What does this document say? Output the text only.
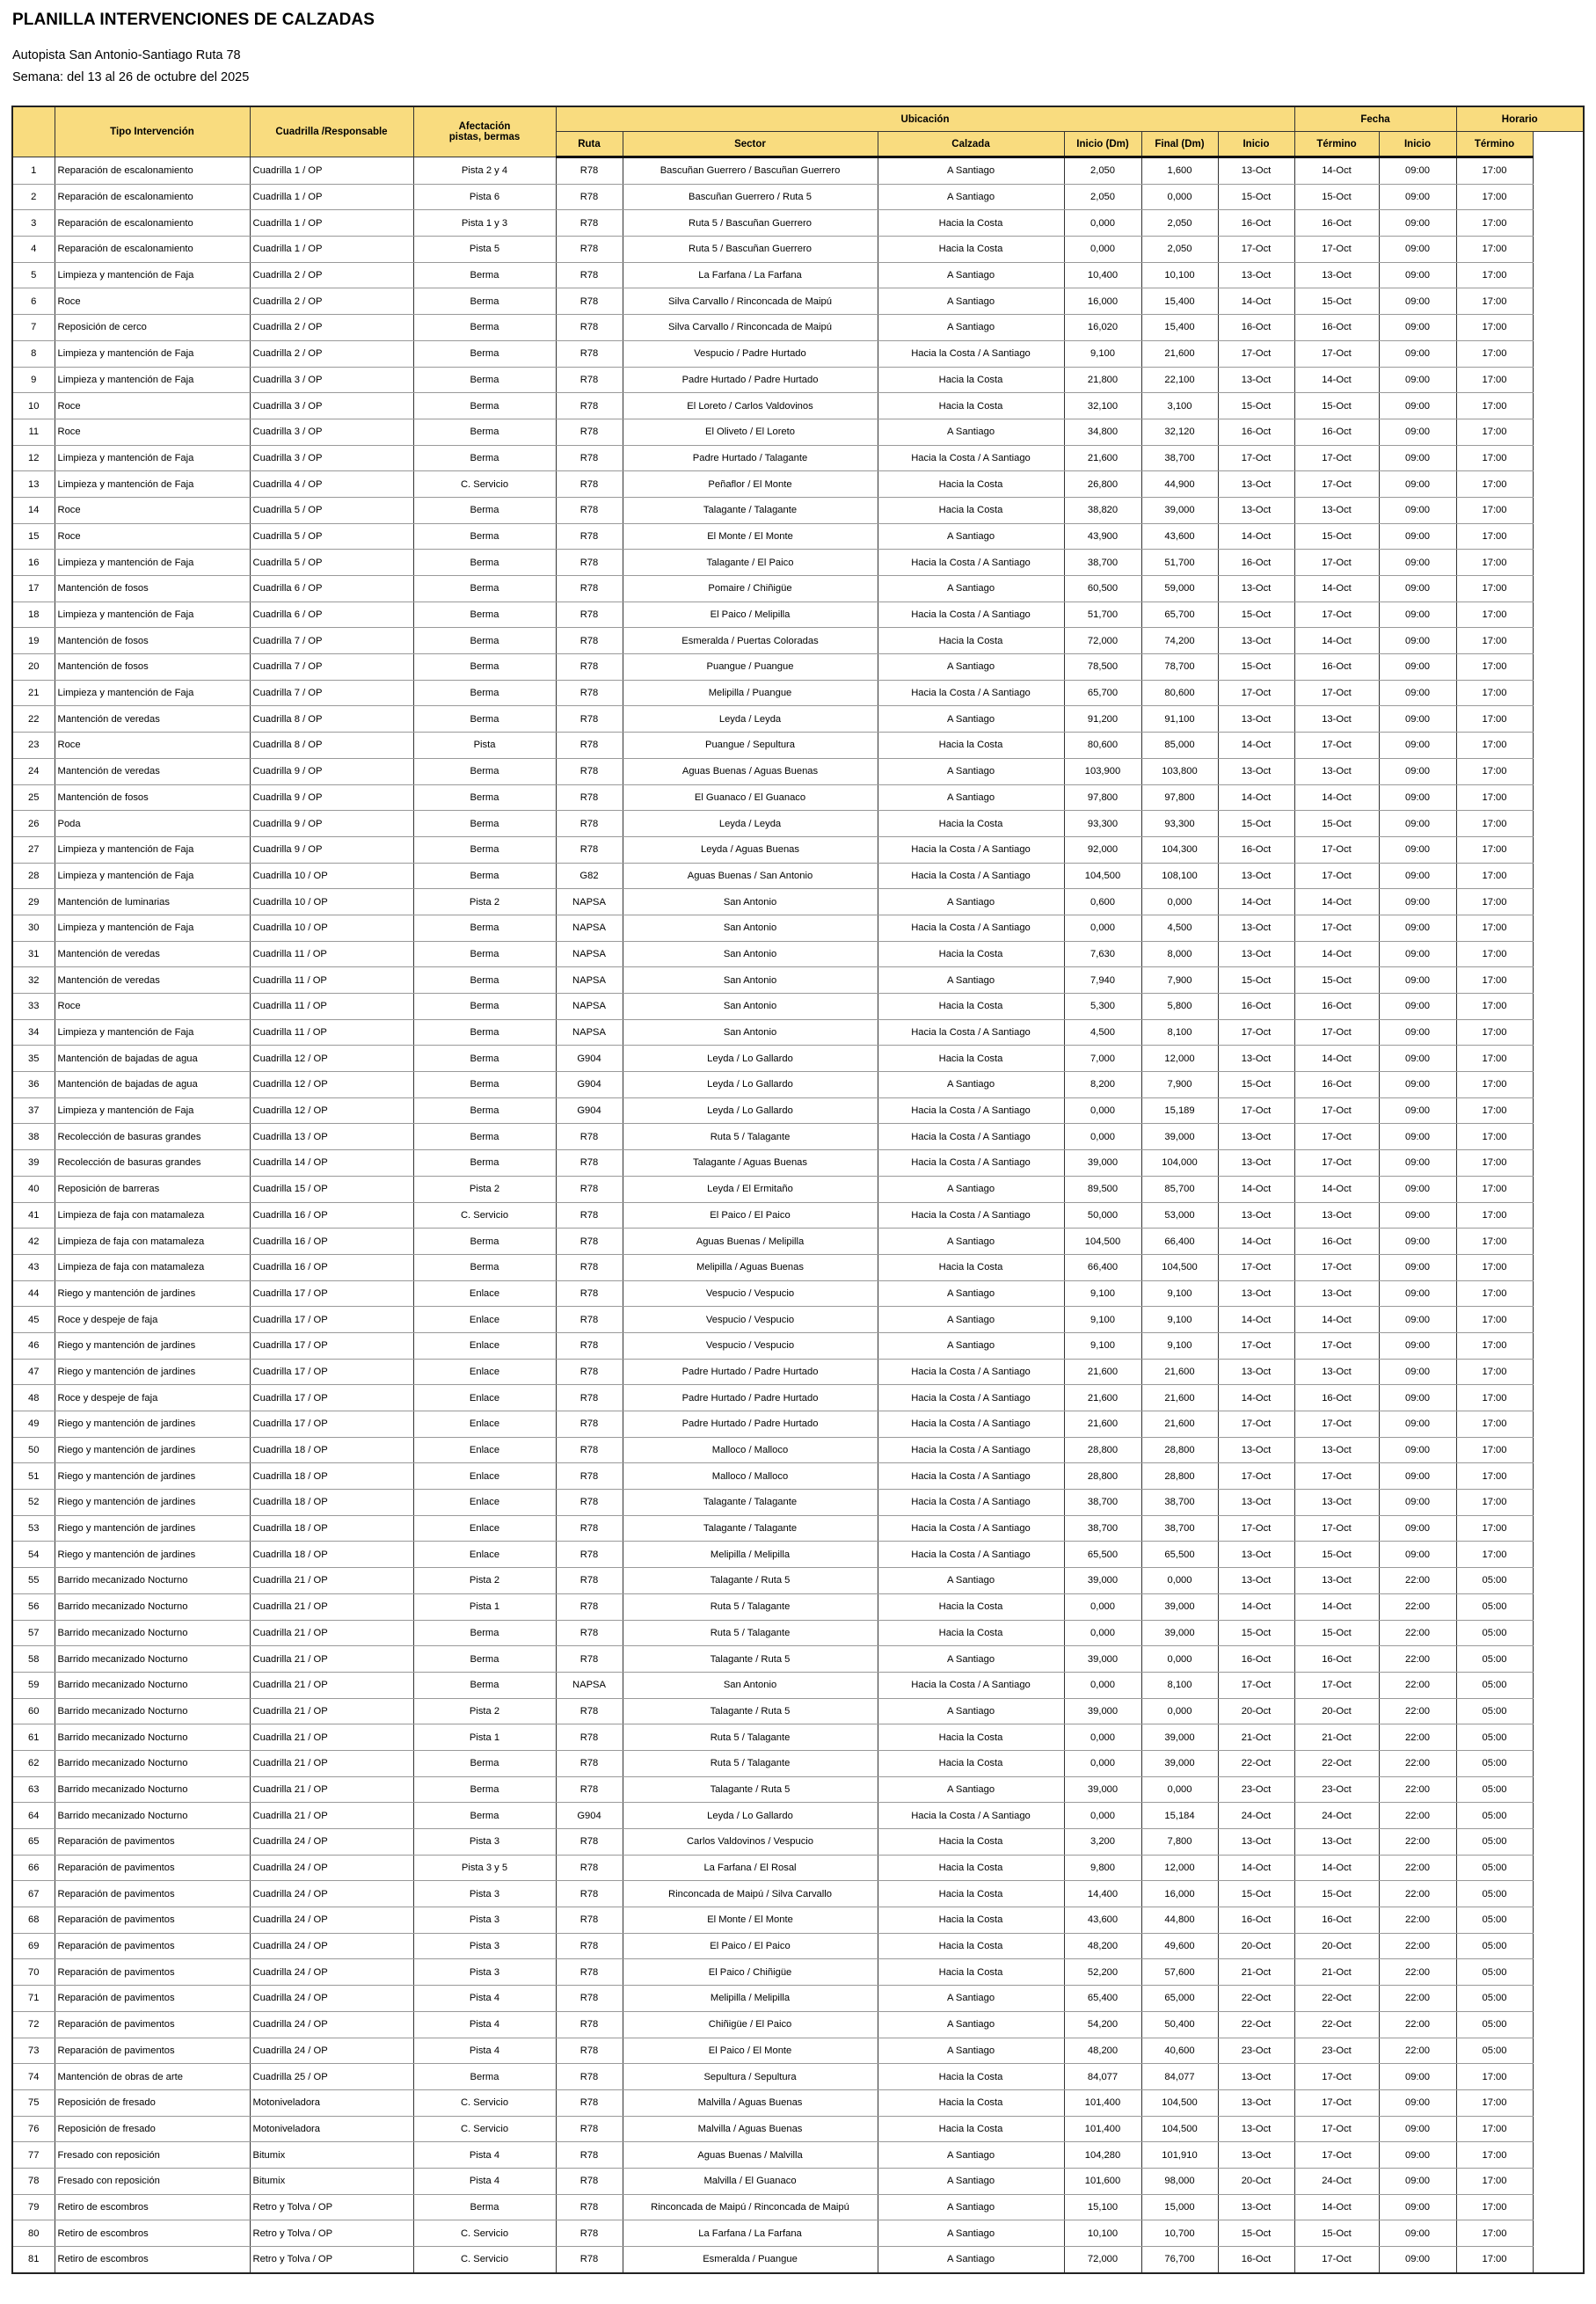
PLANILLA INTERVENCIONES DE CALZADAS
Autopista San Antonio-Santiago Ruta 78
Semana: del 13 al 26 de octubre del 2025
	Tipo Intervención	Cuadrilla /Responsable	Afectación
pistas, bermas	Ubicación						Fecha		Horario
				Ruta	Sector	Calzada	Inicio (Dm)	Final (Dm)	Inicio	Término	Inicio	Término
1	Reparación de escalonamiento	Cuadrilla 1 / OP	Pista 2 y 4	R78	Bascuñan Guerrero / Bascuñan Guerrero	A Santiago	2,050	1,600	13-Oct	14-Oct	09:00	17:00
2	Reparación de escalonamiento	Cuadrilla 1 / OP	Pista 6	R78	Bascuñan Guerrero / Ruta 5	A Santiago	2,050	0,000	15-Oct	15-Oct	09:00	17:00
3	Reparación de escalonamiento	Cuadrilla 1 / OP	Pista 1 y 3	R78	Ruta 5 / Bascuñan Guerrero	Hacia la Costa	0,000	2,050	16-Oct	16-Oct	09:00	17:00
4	Reparación de escalonamiento	Cuadrilla 1 / OP	Pista 5	R78	Ruta 5 / Bascuñan Guerrero	Hacia la Costa	0,000	2,050	17-Oct	17-Oct	09:00	17:00
5	Limpieza y mantención de Faja	Cuadrilla 2 / OP	Berma	R78	La Farfana / La Farfana	A Santiago	10,400	10,100	13-Oct	13-Oct	09:00	17:00
6	Roce	Cuadrilla 2 / OP	Berma	R78	Silva Carvallo / Rinconcada de Maipú	A Santiago	16,000	15,400	14-Oct	15-Oct	09:00	17:00
7	Reposición de cerco	Cuadrilla 2 / OP	Berma	R78	Silva Carvallo / Rinconcada de Maipú	A Santiago	16,020	15,400	16-Oct	16-Oct	09:00	17:00
8	Limpieza y mantención de Faja	Cuadrilla 2 / OP	Berma	R78	Vespucio / Padre Hurtado	Hacia la Costa / A Santiago	9,100	21,600	17-Oct	17-Oct	09:00	17:00
9	Limpieza y mantención de Faja	Cuadrilla 3 / OP	Berma	R78	Padre Hurtado / Padre Hurtado	Hacia la Costa	21,800	22,100	13-Oct	14-Oct	09:00	17:00
10	Roce	Cuadrilla 3 / OP	Berma	R78	El Loreto / Carlos Valdovinos	Hacia la Costa	32,100	3,100	15-Oct	15-Oct	09:00	17:00
11	Roce	Cuadrilla 3 / OP	Berma	R78	El Oliveto / El Loreto	A Santiago	34,800	32,120	16-Oct	16-Oct	09:00	17:00
12	Limpieza y mantención de Faja	Cuadrilla 3 / OP	Berma	R78	Padre Hurtado / Talagante	Hacia la Costa / A Santiago	21,600	38,700	17-Oct	17-Oct	09:00	17:00
13	Limpieza y mantención de Faja	Cuadrilla 4 / OP	C. Servicio	R78	Peñaflor / El Monte	Hacia la Costa	26,800	44,900	13-Oct	17-Oct	09:00	17:00
14	Roce	Cuadrilla 5 / OP	Berma	R78	Talagante / Talagante	Hacia la Costa	38,820	39,000	13-Oct	13-Oct	09:00	17:00
15	Roce	Cuadrilla 5 / OP	Berma	R78	El Monte / El Monte	A Santiago	43,900	43,600	14-Oct	15-Oct	09:00	17:00
16	Limpieza y mantención de Faja	Cuadrilla 5 / OP	Berma	R78	Talagante / El Paico	Hacia la Costa / A Santiago	38,700	51,700	16-Oct	17-Oct	09:00	17:00
17	Mantención de fosos	Cuadrilla 6 / OP	Berma	R78	Pomaire / Chiñigüe	A Santiago	60,500	59,000	13-Oct	14-Oct	09:00	17:00
18	Limpieza y mantención de Faja	Cuadrilla 6 / OP	Berma	R78	El Paico / Melipilla	Hacia la Costa / A Santiago	51,700	65,700	15-Oct	17-Oct	09:00	17:00
19	Mantención de fosos	Cuadrilla 7 / OP	Berma	R78	Esmeralda / Puertas Coloradas	Hacia la Costa	72,000	74,200	13-Oct	14-Oct	09:00	17:00
20	Mantención de fosos	Cuadrilla 7 / OP	Berma	R78	Puangue / Puangue	A Santiago	78,500	78,700	15-Oct	16-Oct	09:00	17:00
21	Limpieza y mantención de Faja	Cuadrilla 7 / OP	Berma	R78	Melipilla / Puangue	Hacia la Costa / A Santiago	65,700	80,600	17-Oct	17-Oct	09:00	17:00
22	Mantención de veredas	Cuadrilla 8 / OP	Berma	R78	Leyda / Leyda	A Santiago	91,200	91,100	13-Oct	13-Oct	09:00	17:00
23	Roce	Cuadrilla 8 / OP	Pista	R78	Puangue / Sepultura	Hacia la Costa	80,600	85,000	14-Oct	17-Oct	09:00	17:00
24	Mantención de veredas	Cuadrilla 9 / OP	Berma	R78	Aguas Buenas / Aguas Buenas	A Santiago	103,900	103,800	13-Oct	13-Oct	09:00	17:00
25	Mantención de fosos	Cuadrilla 9 / OP	Berma	R78	El Guanaco / El Guanaco	A Santiago	97,800	97,800	14-Oct	14-Oct	09:00	17:00
26	Poda	Cuadrilla 9 / OP	Berma	R78	Leyda / Leyda	Hacia la Costa	93,300	93,300	15-Oct	15-Oct	09:00	17:00
27	Limpieza y mantención de Faja	Cuadrilla 9 / OP	Berma	R78	Leyda / Aguas Buenas	Hacia la Costa / A Santiago	92,000	104,300	16-Oct	17-Oct	09:00	17:00
28	Limpieza y mantención de Faja	Cuadrilla 10 / OP	Berma	G82	Aguas Buenas / San Antonio	Hacia la Costa / A Santiago	104,500	108,100	13-Oct	17-Oct	09:00	17:00
29	Mantención de luminarias	Cuadrilla 10 / OP	Pista 2	NAPSA	San Antonio	A Santiago	0,600	0,000	14-Oct	14-Oct	09:00	17:00
30	Limpieza y mantención de Faja	Cuadrilla 10 / OP	Berma	NAPSA	San Antonio	Hacia la Costa / A Santiago	0,000	4,500	13-Oct	17-Oct	09:00	17:00
31	Mantención de veredas	Cuadrilla 11 / OP	Berma	NAPSA	San Antonio	Hacia la Costa	7,630	8,000	13-Oct	14-Oct	09:00	17:00
32	Mantención de veredas	Cuadrilla 11 / OP	Berma	NAPSA	San Antonio	A Santiago	7,940	7,900	15-Oct	15-Oct	09:00	17:00
33	Roce	Cuadrilla 11 / OP	Berma	NAPSA	San Antonio	Hacia la Costa	5,300	5,800	16-Oct	16-Oct	09:00	17:00
34	Limpieza y mantención de Faja	Cuadrilla 11 / OP	Berma	NAPSA	San Antonio	Hacia la Costa / A Santiago	4,500	8,100	17-Oct	17-Oct	09:00	17:00
35	Mantención de bajadas de agua	Cuadrilla 12 / OP	Berma	G904	Leyda / Lo Gallardo	Hacia la Costa	7,000	12,000	13-Oct	14-Oct	09:00	17:00
36	Mantención de bajadas de agua	Cuadrilla 12 / OP	Berma	G904	Leyda / Lo Gallardo	A Santiago	8,200	7,900	15-Oct	16-Oct	09:00	17:00
37	Limpieza y mantención de Faja	Cuadrilla 12 / OP	Berma	G904	Leyda / Lo Gallardo	Hacia la Costa / A Santiago	0,000	15,189	17-Oct	17-Oct	09:00	17:00
38	Recolección de basuras grandes	Cuadrilla 13 / OP	Berma	R78	Ruta 5 / Talagante	Hacia la Costa / A Santiago	0,000	39,000	13-Oct	17-Oct	09:00	17:00
39	Recolección de basuras grandes	Cuadrilla 14 / OP	Berma	R78	Talagante / Aguas Buenas	Hacia la Costa / A Santiago	39,000	104,000	13-Oct	17-Oct	09:00	17:00
40	Reposición de barreras	Cuadrilla 15 / OP	Pista 2	R78	Leyda / El Ermitaño	A Santiago	89,500	85,700	14-Oct	14-Oct	09:00	17:00
41	Limpieza de faja con matamaleza	Cuadrilla 16 / OP	C. Servicio	R78	El Paico / El Paico	Hacia la Costa / A Santiago	50,000	53,000	13-Oct	13-Oct	09:00	17:00
42	Limpieza de faja con matamaleza	Cuadrilla 16 / OP	Berma	R78	Aguas Buenas / Melipilla	A Santiago	104,500	66,400	14-Oct	16-Oct	09:00	17:00
43	Limpieza de faja con matamaleza	Cuadrilla 16 / OP	Berma	R78	Melipilla / Aguas Buenas	Hacia la Costa	66,400	104,500	17-Oct	17-Oct	09:00	17:00
44	Riego y mantención de jardines	Cuadrilla 17 / OP	Enlace	R78	Vespucio / Vespucio	A Santiago	9,100	9,100	13-Oct	13-Oct	09:00	17:00
45	Roce y despeje de faja	Cuadrilla 17 / OP	Enlace	R78	Vespucio / Vespucio	A Santiago	9,100	9,100	14-Oct	14-Oct	09:00	17:00
46	Riego y mantención de jardines	Cuadrilla 17 / OP	Enlace	R78	Vespucio / Vespucio	A Santiago	9,100	9,100	17-Oct	17-Oct	09:00	17:00
47	Riego y mantención de jardines	Cuadrilla 17 / OP	Enlace	R78	Padre Hurtado / Padre Hurtado	Hacia la Costa / A Santiago	21,600	21,600	13-Oct	13-Oct	09:00	17:00
48	Roce y despeje de faja	Cuadrilla 17 / OP	Enlace	R78	Padre Hurtado / Padre Hurtado	Hacia la Costa / A Santiago	21,600	21,600	14-Oct	16-Oct	09:00	17:00
49	Riego y mantención de jardines	Cuadrilla 17 / OP	Enlace	R78	Padre Hurtado / Padre Hurtado	Hacia la Costa / A Santiago	21,600	21,600	17-Oct	17-Oct	09:00	17:00
50	Riego y mantención de jardines	Cuadrilla 18 / OP	Enlace	R78	Malloco / Malloco	Hacia la Costa / A Santiago	28,800	28,800	13-Oct	13-Oct	09:00	17:00
51	Riego y mantención de jardines	Cuadrilla 18 / OP	Enlace	R78	Malloco / Malloco	Hacia la Costa / A Santiago	28,800	28,800	17-Oct	17-Oct	09:00	17:00
52	Riego y mantención de jardines	Cuadrilla 18 / OP	Enlace	R78	Talagante / Talagante	Hacia la Costa / A Santiago	38,700	38,700	13-Oct	13-Oct	09:00	17:00
53	Riego y mantención de jardines	Cuadrilla 18 / OP	Enlace	R78	Talagante / Talagante	Hacia la Costa / A Santiago	38,700	38,700	17-Oct	17-Oct	09:00	17:00
54	Riego y mantención de jardines	Cuadrilla 18 / OP	Enlace	R78	Melipilla / Melipilla	Hacia la Costa / A Santiago	65,500	65,500	13-Oct	15-Oct	09:00	17:00
55	Barrido mecanizado Nocturno	Cuadrilla 21 / OP	Pista 2	R78	Talagante / Ruta 5	A Santiago	39,000	0,000	13-Oct	13-Oct	22:00	05:00
56	Barrido mecanizado Nocturno	Cuadrilla 21 / OP	Pista 1	R78	Ruta 5 / Talagante	Hacia la Costa	0,000	39,000	14-Oct	14-Oct	22:00	05:00
57	Barrido mecanizado Nocturno	Cuadrilla 21 / OP	Berma	R78	Ruta 5 / Talagante	Hacia la Costa	0,000	39,000	15-Oct	15-Oct	22:00	05:00
58	Barrido mecanizado Nocturno	Cuadrilla 21 / OP	Berma	R78	Talagante / Ruta 5	A Santiago	39,000	0,000	16-Oct	16-Oct	22:00	05:00
59	Barrido mecanizado Nocturno	Cuadrilla 21 / OP	Berma	NAPSA	San Antonio	Hacia la Costa / A Santiago	0,000	8,100	17-Oct	17-Oct	22:00	05:00
60	Barrido mecanizado Nocturno	Cuadrilla 21 / OP	Pista 2	R78	Talagante / Ruta 5	A Santiago	39,000	0,000	20-Oct	20-Oct	22:00	05:00
61	Barrido mecanizado Nocturno	Cuadrilla 21 / OP	Pista 1	R78	Ruta 5 / Talagante	Hacia la Costa	0,000	39,000	21-Oct	21-Oct	22:00	05:00
62	Barrido mecanizado Nocturno	Cuadrilla 21 / OP	Berma	R78	Ruta 5 / Talagante	Hacia la Costa	0,000	39,000	22-Oct	22-Oct	22:00	05:00
63	Barrido mecanizado Nocturno	Cuadrilla 21 / OP	Berma	R78	Talagante / Ruta 5	A Santiago	39,000	0,000	23-Oct	23-Oct	22:00	05:00
64	Barrido mecanizado Nocturno	Cuadrilla 21 / OP	Berma	G904	Leyda / Lo Gallardo	Hacia la Costa / A Santiago	0,000	15,184	24-Oct	24-Oct	22:00	05:00
65	Reparación de pavimentos	Cuadrilla 24 / OP	Pista 3	R78	Carlos Valdovinos / Vespucio	Hacia la Costa	3,200	7,800	13-Oct	13-Oct	22:00	05:00
66	Reparación de pavimentos	Cuadrilla 24 / OP	Pista 3 y 5	R78	La Farfana / El Rosal	Hacia la Costa	9,800	12,000	14-Oct	14-Oct	22:00	05:00
67	Reparación de pavimentos	Cuadrilla 24 / OP	Pista 3	R78	Rinconcada de Maipú / Silva Carvallo	Hacia la Costa	14,400	16,000	15-Oct	15-Oct	22:00	05:00
68	Reparación de pavimentos	Cuadrilla 24 / OP	Pista 3	R78	El Monte / El Monte	Hacia la Costa	43,600	44,800	16-Oct	16-Oct	22:00	05:00
69	Reparación de pavimentos	Cuadrilla 24 / OP	Pista 3	R78	El Paico / El Paico	Hacia la Costa	48,200	49,600	20-Oct	20-Oct	22:00	05:00
70	Reparación de pavimentos	Cuadrilla 24 / OP	Pista 3	R78	El Paico / Chiñigüe	Hacia la Costa	52,200	57,600	21-Oct	21-Oct	22:00	05:00
71	Reparación de pavimentos	Cuadrilla 24 / OP	Pista 4	R78	Melipilla / Melipilla	A Santiago	65,400	65,000	22-Oct	22-Oct	22:00	05:00
72	Reparación de pavimentos	Cuadrilla 24 / OP	Pista 4	R78	Chiñigüe / El Paico	A Santiago	54,200	50,400	22-Oct	22-Oct	22:00	05:00
73	Reparación de pavimentos	Cuadrilla 24 / OP	Pista 4	R78	El Paico / El Monte	A Santiago	48,200	40,600	23-Oct	23-Oct	22:00	05:00
74	Mantención de obras de arte	Cuadrilla 25 / OP	Berma	R78	Sepultura / Sepultura	Hacia la Costa	84,077	84,077	13-Oct	17-Oct	09:00	17:00
75	Reposición de fresado	Motoniveladora	C. Servicio	R78	Malvilla / Aguas Buenas	Hacia la Costa	101,400	104,500	13-Oct	17-Oct	09:00	17:00
76	Reposición de fresado	Motoniveladora	C. Servicio	R78	Malvilla / Aguas Buenas	Hacia la Costa	101,400	104,500	13-Oct	17-Oct	09:00	17:00
77	Fresado con reposición	Bitumix	Pista 4	R78	Aguas Buenas / Malvilla	A Santiago	104,280	101,910	13-Oct	17-Oct	09:00	17:00
78	Fresado con reposición	Bitumix	Pista 4	R78	Malvilla / El Guanaco	A Santiago	101,600	98,000	20-Oct	24-Oct	09:00	17:00
79	Retiro de escombros	Retro y Tolva / OP	Berma	R78	Rinconcada de Maipú / Rinconcada de Maipú	A Santiago	15,100	15,000	13-Oct	14-Oct	09:00	17:00
80	Retiro de escombros	Retro y Tolva / OP	C. Servicio	R78	La Farfana / La Farfana	A Santiago	10,100	10,700	15-Oct	15-Oct	09:00	17:00
81	Retiro de escombros	Retro y Tolva / OP	C. Servicio	R78	Esmeralda / Puangue	A Santiago	72,000	76,700	16-Oct	17-Oct	09:00	17:00
